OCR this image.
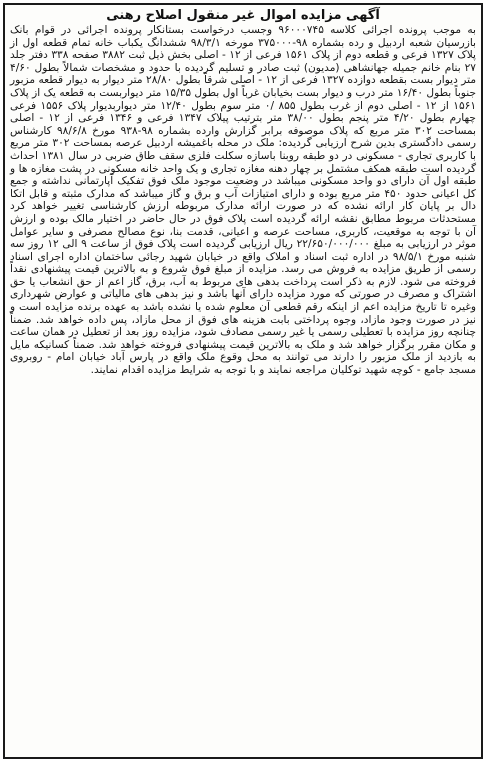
آگهی مزایده اموال غیر منقول اصلاح رهنی

به موجب پرونده اجرائی کلاسه ۹۶۰۰۰۷۴۵ وجسب درخواست بستانکار پرونده اجرائی در قوام بانک بازرسیان شعبه اردبیل و رده بشماره ۹۸-۳۷۵۰۰۰ مورخه ۹۸/۳/۱ ششدانگ یکباب خانه تمام قطعه اول از پلاک ۱۳۲۷ فرعی و قطعه دوم از پلاک ۱۵۶۱ فرعی از ۱۲ - اصلی بخش ذیل ثبت ۳۸۸۲ صفحه ۳۳۸ دفتر جلد ۲۷ بنام خانم جمیله جهانشاهی (مدیون) ثبت صادر و تسلیم گردیده با حدود و مشخصات شمالاً بطول ۴/۶۰ متر دیوار بست بقطعه دوازده ۱۳۲۷ فرعی از ۱۲ - اصلی شرقاً بطول ۲۸/۸۰ متر دیوار به دیوار قطعه مزبور جنوباً بطول ۱۶/۴۰ متر درب و دیوار بست بخیابان غرباً اول بطول ۱۵/۳۵ متر دیواربست به قطعه یک از پلاک ۱۵۶۱ از ۱۲ - اصلی دوم از غرب بطول ۸۵۵ /۰ متر سوم بطول ۱۲/۴۰ متر دیواربدیوار پلاک ۱۵۵۶ فرعی چهارم بطول ۴/۲۰ متر پنجم بطول ۳۸/۰۰ متر بترتیب پیلاک ۱۳۴۷ فرعی و ۱۳۴۶ فرعی از ۱۲ - اصلی بمساحت ۳۰۲ متر مربع که پلاک موصوفه برابر گزارش وارده بشماره ۹۸-۹۳۸ مورخ ۹۸/۶/۸ کارشناس رسمی دادگستری بدین شرح ارزیابی گردیده: ملک در محله باغمیشه اردبیل عرصه بمساحت ۳۰۲ متر مربع با کاربری تجاری - مسکونی در دو طبقه روبنا باسازه سکلت فلزی سقف طاق ضربی در سال ۱۳۸۱ احداث گردیده است طبقه همکف مشتمل بر چهار دهنه مغازه تجاری و یک واحد خانه مسکونی در پشت مغازه ها و طبقه اول آن دارای دو واحد مسکونی میباشد در وضعیت موجود ملک فوق تفکیک آپارتمانی نداشته و جمع کل اعیانی حدود ۴۵۰ متر مربع بوده و دارای امتیازات آب و برق و گاز میباشد که مدارک مثبته و قابل اتکا دال بر پایان کار ارائه نشده که در صورت ارائه مدارک مربوطه ارزش کارشناسی تغییر خواهد کرد مستحدثات مربوط مطابق نقشه ارائه گردیده است پلاک فوق در حال حاضر در اختیار مالک بوده و ارزش آن با توجه به موقعیت، کاربری، مساحت عرصه و اعیانی، قدمت بنا، نوع مصالح مصرفی و سایر عوامل موثر در ارزیابی به مبلغ ۲۲/۶۵۰/۰۰۰/۰۰۰ ریال ارزیابی گردیده است پلاک فوق از ساعت ۹ الی ۱۲ روز سه شنبه مورخ ۹۸/۵/۱ در اداره ثبت اسناد و املاک واقع در خیابان شهید رجائی ساختمان اداره اجرای اسناد رسمی از طریق مزایده به فروش می رسد. مزایده از مبلغ فوق شروع و به بالاترین قیمت پیشنهادی نقداً فروخته می شود. لازم به ذکر است پرداخت بدهی های مربوط به آب، برق، گاز اعم از حق انشعاب یا حق اشتراک و مصرف در صورتی که مورد مزایده دارای آنها باشد و نیز بدهی های مالیاتی و عوارض شهرداری وغیره تا تاریخ مزایده اعم از اینکه رقم قطعی آن معلوم شده یا نشده باشد به عهده برنده مزایده است و نیز در صورت وجود مازاد، وجوه پرداختی بابت هزینه های فوق از محل مازاد، پس داده خواهد شد. ضمناً چنانچه روز مزایده با تعطیلی رسمی یا غیر رسمی مصادف شود، مزایده روز بعد از تعطیل در همان ساعت و مکان مقرر برگزار خواهد شد و ملک به بالاترین قیمت پیشنهادی فروخته خواهد شد. ضمناً کسانیکه مایل به بازدید از ملک مزبور را دارند می توانند به محل وقوع ملک واقع در پارس آباد خیابان امام - روبروی مسجد جامع - کوچه شهید توکلیان مراجعه نمایند و با توجه به شرایط مزایده اقدام نمایند.
